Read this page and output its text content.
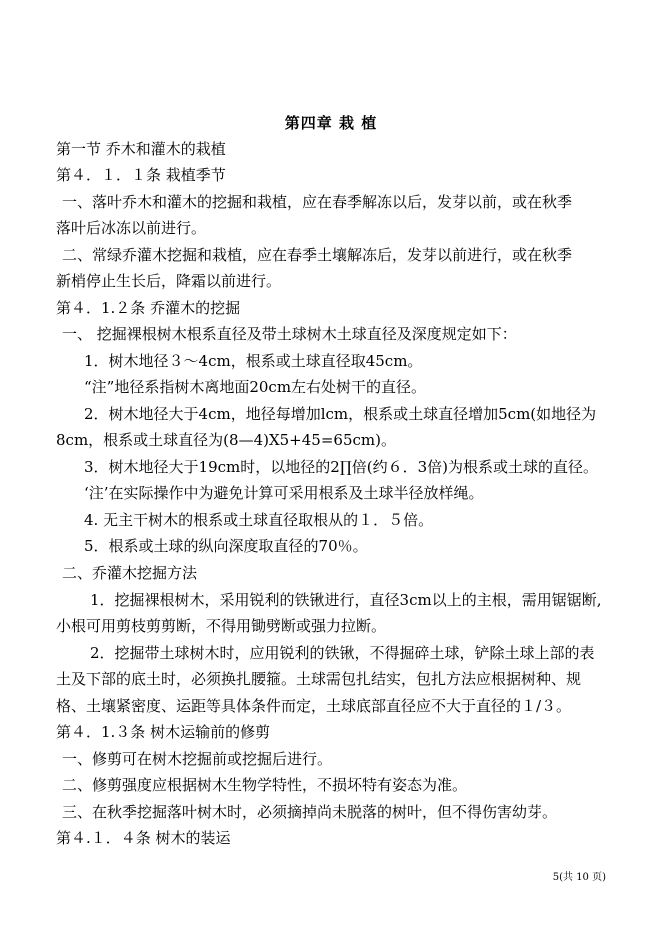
第四章 栽 植
第一节 乔木和灌木的栽植
第４．１．１条 栽植季节
一、落叶乔木和灌木的挖掘和栽植，应在春季解冻以后，发芽以前，或在秋季
落叶后冰冻以前进行。
二、常绿乔灌木挖掘和栽植，应在春季土壤解冻后，发芽以前进行，或在秋季
新梢停止生长后，降霜以前进行。
第４．1.２条 乔灌木的挖掘
一、 挖掘裸根树木根系直径及带土球树木土球直径及深度规定如下：
1．树木地径３～4cm，根系或土球直径取45cm。
“注”地径系指树木离地面20cm左右处树干的直径。
2．树木地径大于4cm，地径每增加lcm，根系或土球直径增加5cm(如地径为
8cm，根系或土球直径为(8—4)X5+45=65cm)。
3．树木地径大于19cm时，以地径的2∏倍(约６．3倍)为根系或土球的直径。
‘注’在实际操作中为避免计算可采用根系及土球半径放样绳。
4. 无主干树木的根系或土球直径取根从的１．５倍。
5．根系或土球的纵向深度取直径的70％。
二、乔灌木挖掘方法
1．挖掘裸根树木，采用锐利的铁锹进行，直径3cm以上的主根，需用锯锯断,
小根可用剪枝剪剪断，不得用锄劈断或强力拉断。
2．挖掘带土球树木时，应用锐利的铁锹，不得掘碎土球，铲除土球上部的表
土及下部的底土时，必须换扎腰箍。土球需包扎结实，包扎方法应根据树种、规
格、土壤紧密度、运距等具体条件而定，土球底部直径应不大于直径的１/３。
第４．1.３条 树木运输前的修剪
一、修剪可在树木挖掘前或挖掘后进行。
二、修剪强度应根据树木生物学特性，不损坏特有姿态为准。
三、在秋季挖掘落叶树木时，必须摘掉尚未脱落的树叶，但不得伤害幼芽。
第４.１．４条 树木的装运
5(共 10 页)
